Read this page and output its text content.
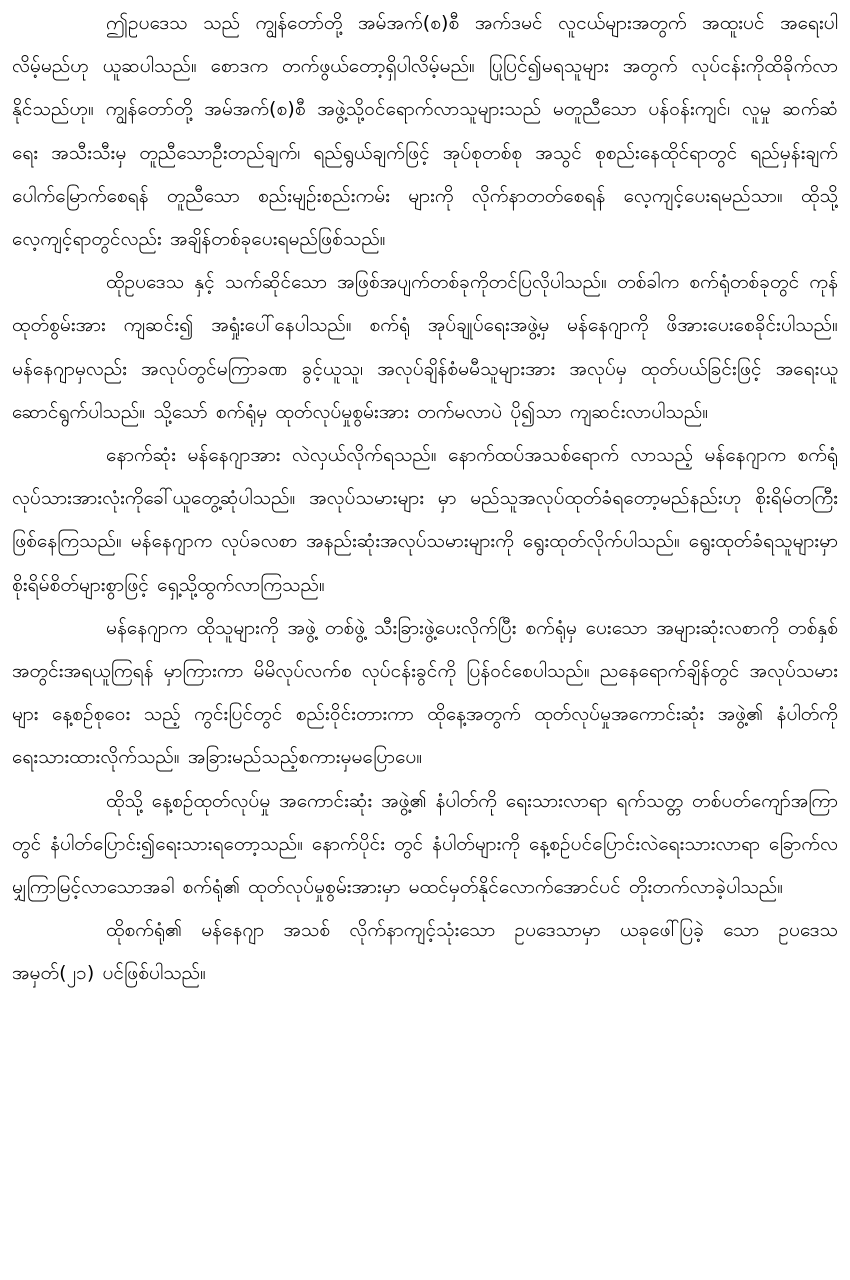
ဤဥပဒေသ သည် ကျွန်တော်တို့ အမ်အက်(စ)စီ အက်ဒမင် လူငယ်များအတွက် အထူးပင် အရေးပါလိမ့်မည်ဟု ယူဆပါသည်။ စောဒက တက်ဖွယ်တော့ရှိပါလိမ့်မည်။ ပြုပြင်၍မရသူများ အတွက် လုပ်ငန်းကိုထိခိုက်လာနိုင်သည်ဟု။ ကျွန်တော်တို့ အမ်အက်(စ)စီ အဖွဲ့သို့ဝင်ရောက်လာသူများသည် မတူညီသော ပန်ဝန်းကျင်၊ လူမှု ဆက်ဆံရေး အသီးသီးမှ တူညီသောဦးတည်ချက်၊ ရည်ရွယ်ချက်ဖြင့် အုပ်စုတစ်စု အသွင် စုစည်းနေထိုင်ရာတွင် ရည်မှန်းချက်ပေါက်မြောက်စေရန် တူညီသော စည်းမျဉ်းစည်းကမ်း များကို လိုက်နာတတ်စေရန် လေ့ကျင့်ပေးရမည်သာ။ ထိုသို့လေ့ကျင့်ရာတွင်လည်း အချိန်တစ်ခုပေးရမည်ဖြစ်သည်။

ထိုဥပဒေသ နှင့် သက်ဆိုင်သော အဖြစ်အပျက်တစ်ခုကိုတင်ပြလိုပါသည်။ တစ်ခါက စက်ရုံတစ်ခုတွင် ကုန်ထုတ်စွမ်းအား ကျဆင်း၍ အရှုံးပေါ်နေပါသည်။ စက်ရုံ အုပ်ချုပ်ရေးအဖွဲ့မှ မန်နေဂျာကို ဖိအားပေးစေခိုင်းပါသည်။ မန်နေဂျာမှလည်း အလုပ်တွင်မကြာခဏ ခွင့်ယူသူ၊ အလုပ်ချိန်စံမမီသူများအား အလုပ်မှ ထုတ်ပယ်ခြင်းဖြင့် အရေးယူဆောင်ရွက်ပါသည်။ သို့သော် စက်ရုံမှ ထုတ်လုပ်မှုစွမ်းအား တက်မလာပဲ ပို၍သာ ကျဆင်းလာပါသည်။

နောက်ဆုံး မန်နေဂျာအား လဲလှယ်လိုက်ရသည်။ နောက်ထပ်အသစ်ရောက် လာသည့် မန်နေဂျာက စက်ရုံလုပ်သားအားလုံးကိုခေါ်ယူတွေ့ဆုံပါသည်။ အလုပ်သမားများ မှာ မည်သူအလုပ်ထုတ်ခံရတော့မည်နည်းဟု စိုးရိမ်တကြီးဖြစ်နေကြသည်။ မန်နေဂျာက လုပ်ခလစာ အနည်းဆုံးအလုပ်သမားများကို ရွေးထုတ်လိုက်ပါသည်။ ရွေးထုတ်ခံရသူများမှာ စိုးရိမ်စိတ်များစွာဖြင့် ရှေ့သို့ထွက်လာကြသည်။

မန်နေဂျာက ထိုသူများကို အဖွဲ့ တစ်ဖွဲ့ သီးခြားဖွဲ့ပေးလိုက်ပြီး စက်ရုံမှ ပေးသော အများဆုံးလစာကို တစ်နှစ်အတွင်းအရယူကြရန် မှာကြားကာ မိမိလုပ်လက်စ လုပ်ငန်းခွင်ကို ပြန်ဝင်စေပါသည်။ ညနေရောက်ချိန်တွင် အလုပ်သမားများ နေ့စဉ်စုဝေး သည့် ကွင်းပြင်တွင် စည်းဝိုင်းတားကာ ထိုနေ့အတွက် ထုတ်လုပ်မှုအကောင်းဆုံး အဖွဲ့၏ နံပါတ်ကိုရေးသားထားလိုက်သည်။ အခြားမည်သည့်စကားမှမပြောပေ။

ထိုသို့ နေ့စဉ်ထုတ်လုပ်မှု အကောင်းဆုံး အဖွဲ့၏ နံပါတ်ကို ရေးသားလာရာ ရက်သတ္တ တစ်ပတ်ကျော်အကြာတွင် နံပါတ်ပြောင်း၍ရေးသားရတော့သည်။ နောက်ပိုင်း တွင် နံပါတ်များကို နေ့စဉ်ပင်ပြောင်းလဲရေးသားလာရာ ခြောက်လမျှကြာမြင့်လာသောအခါ စက်ရုံ၏ ထုတ်လုပ်မှုစွမ်းအားမှာ မထင်မှတ်နိုင်လောက်အောင်ပင် တိုးတက်လာခဲ့ပါသည်။

ထိုစက်ရုံ၏ မန်နေဂျာ အသစ် လိုက်နာကျင့်သုံးသော ဥပဒေသာမှာ ယခုဖေါ်ပြခဲ့ သော ဥပဒေသ အမှတ်(၂၁) ပင်ဖြစ်ပါသည်။
